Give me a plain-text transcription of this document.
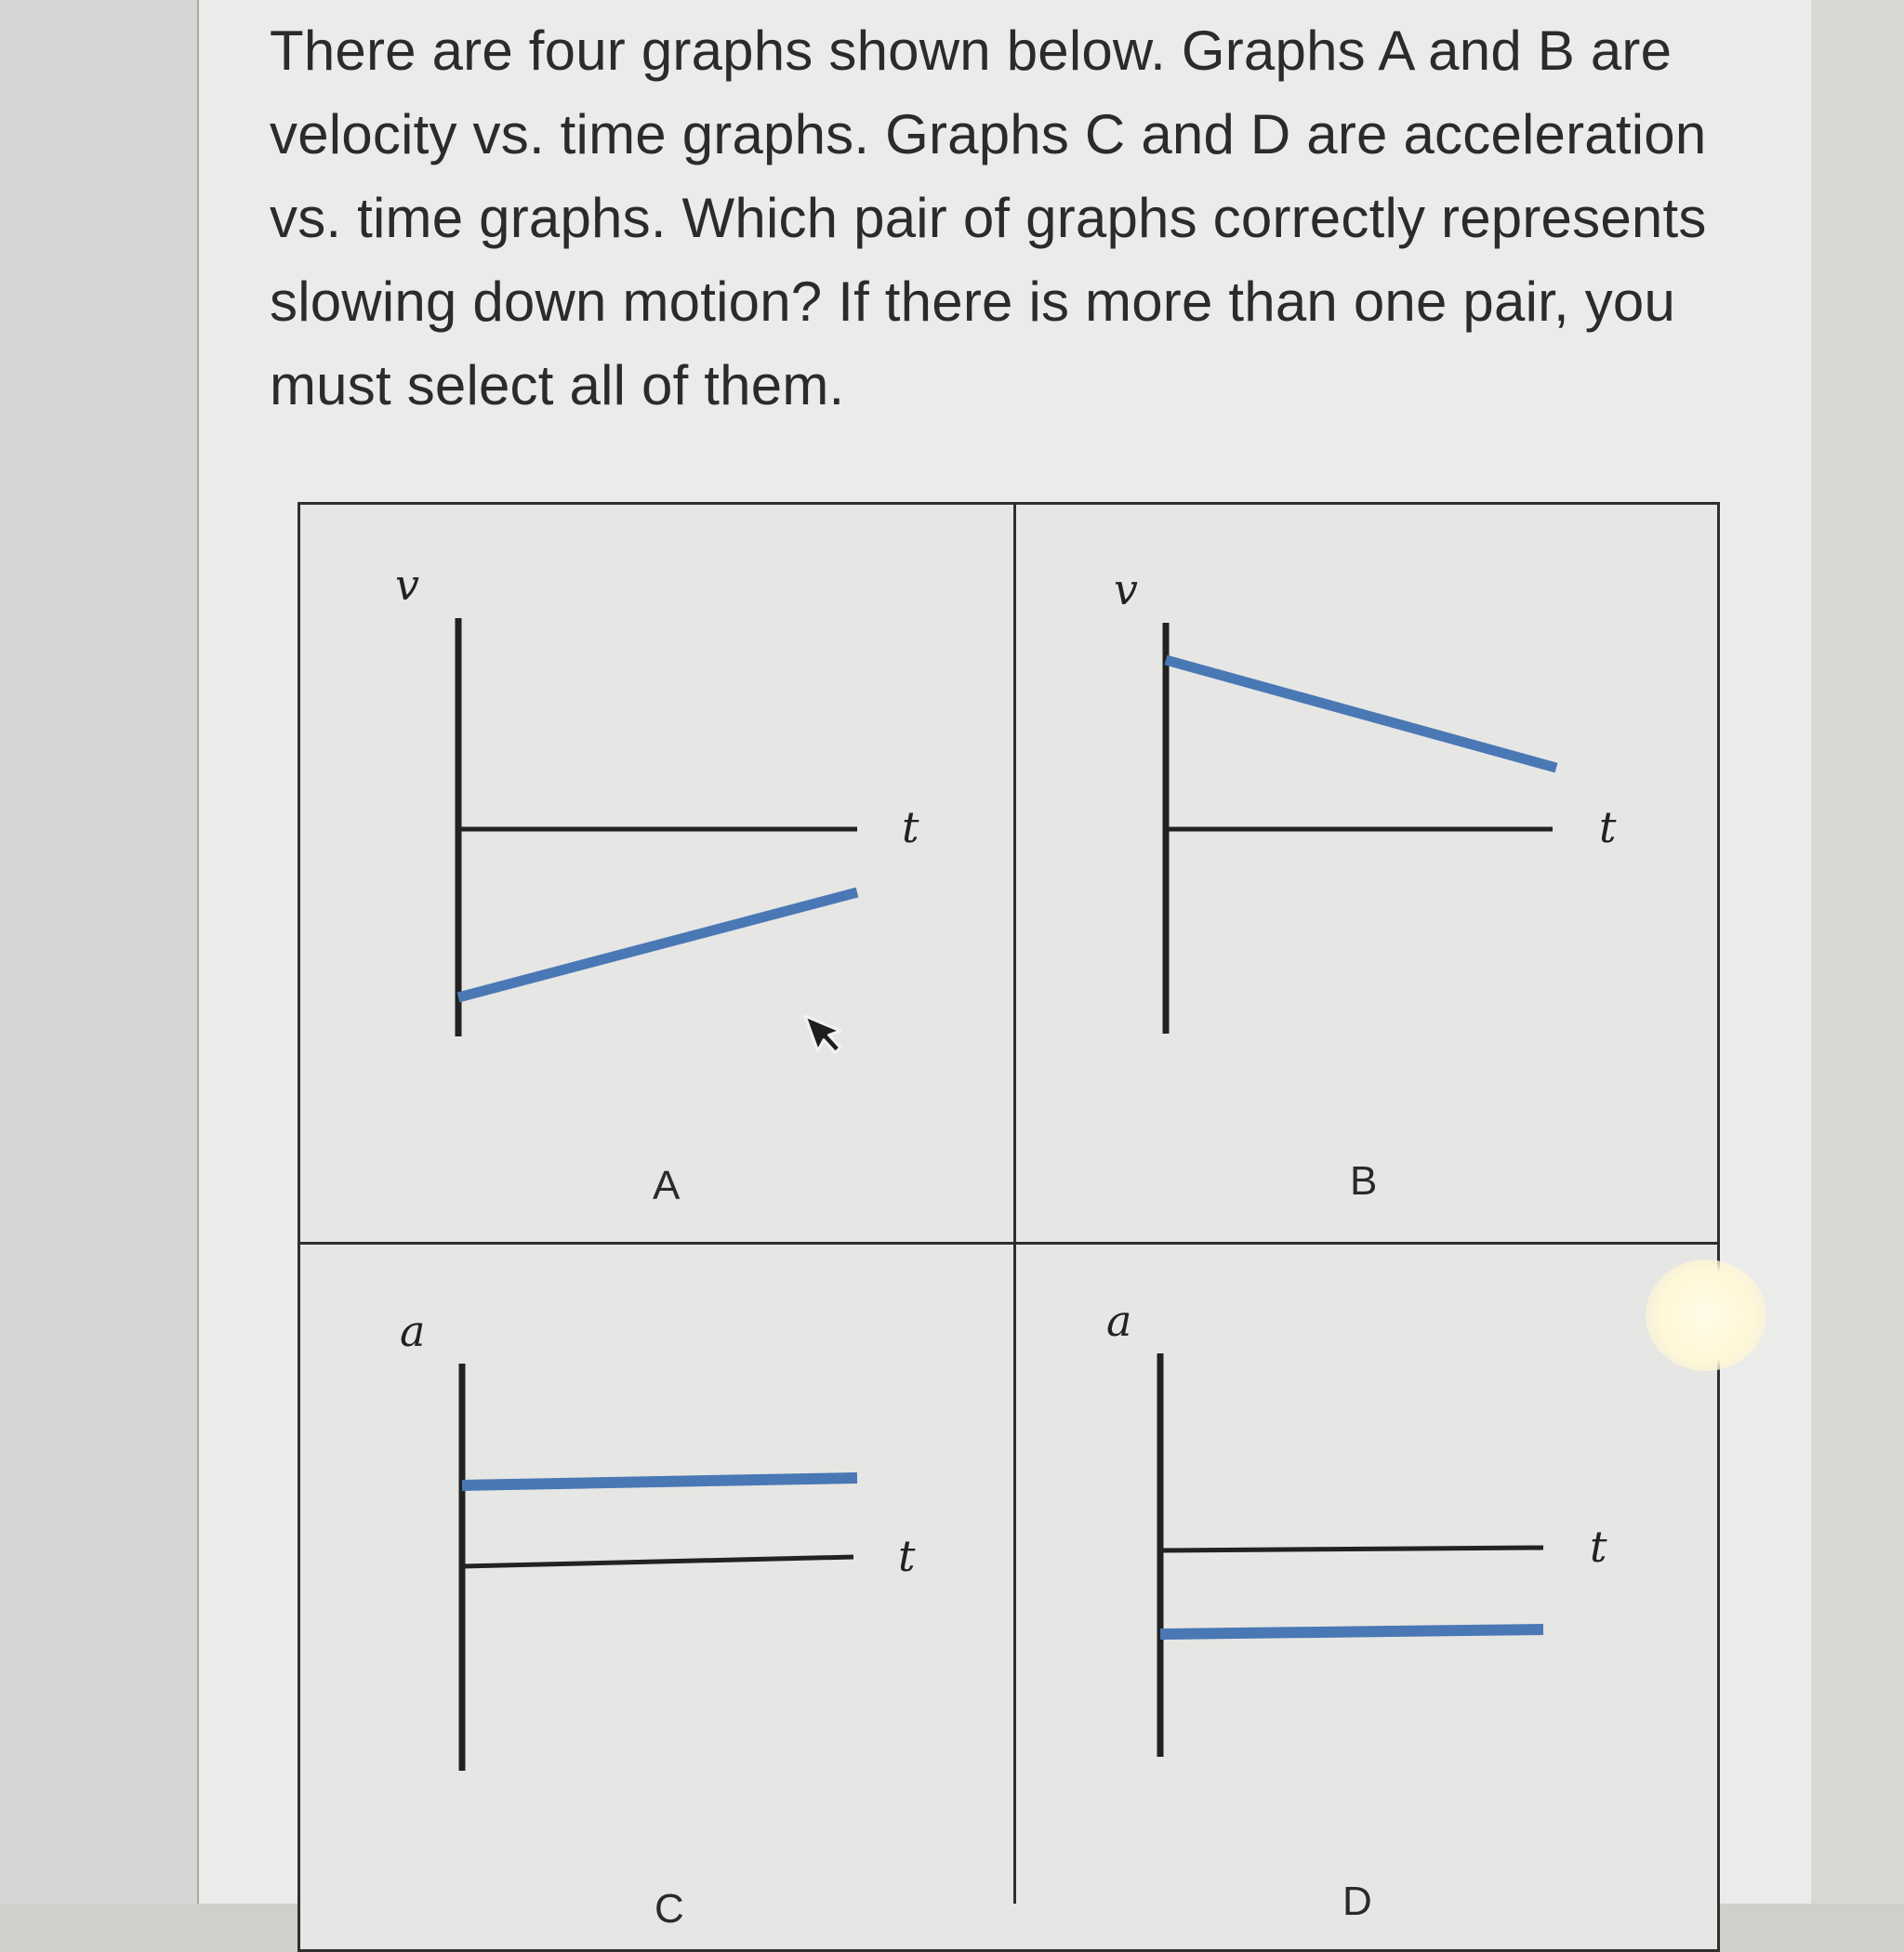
There are four graphs shown below. Graphs A and B are velocity vs. time graphs. Graphs C and D are acceleration vs. time graphs. Which pair of graphs correctly represents slowing down motion? If there is more than one pair, you must select all of them.

v
t
A
v
t
B
a
t
C
a
t
D
